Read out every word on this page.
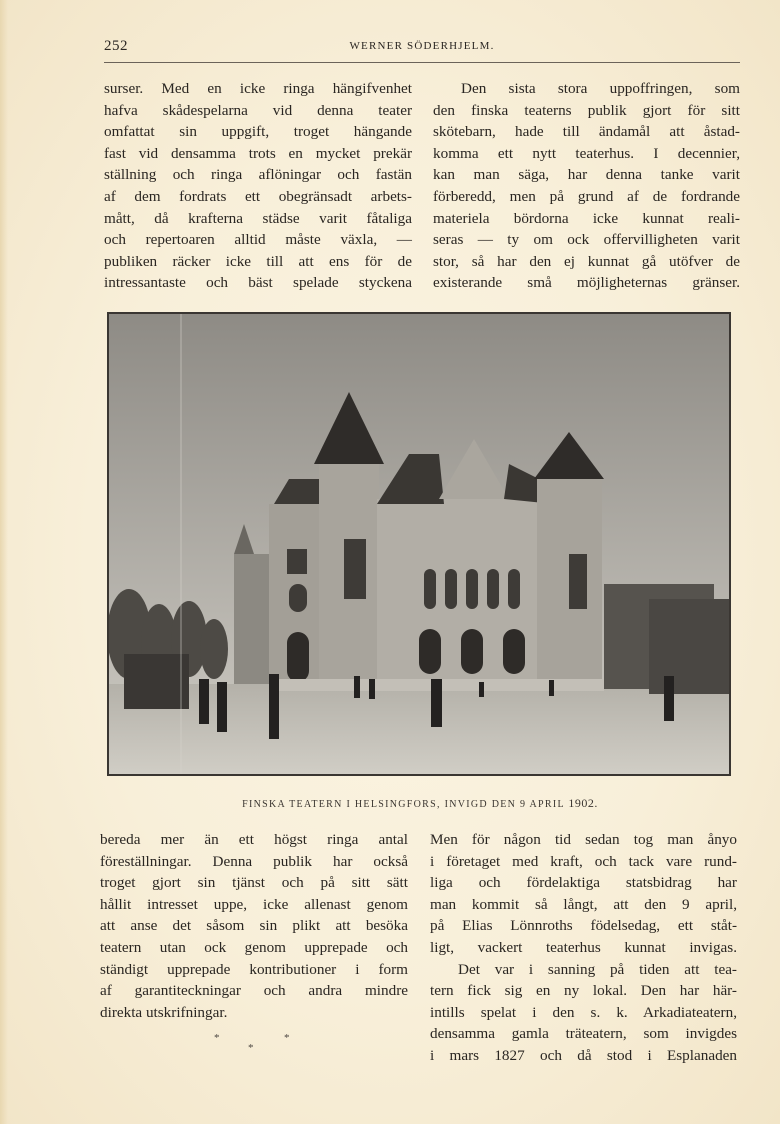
252	WERNER SÖDERHJELM.
surser. Med en icke ringa hängifvenhet
hafva skådespelarna vid denna teater
omfattat sin uppgift, troget hängande
fast vid densamma trots en mycket prekär
ställning och ringa aflöningar och fastän
af dem fordrats ett obegränsadt arbets-
mått, då krafterna städse varit fåtaliga
och repertoaren alltid måste växla, —
publiken räcker icke till att ens för de
intressantaste och bäst spelade styckena
Den sista stora uppoffringen, som
den finska teaterns publik gjort för sitt
skötebarn, hade till ändamål att åstad-
komma ett nytt teaterhus. I decennier,
kan man säga, har denna tanke varit
förberedd, men på grund af de fordrande
materiela bördorna icke kunnat reali-
seras — ty om ock offervilligheten varit
stor, så har den ej kunnat gå utöfver de
existerande små möjligheternas gränser.
FINSKA TEATERN I HELSINGFORS, INVIGD DEN 9 APRIL 1902.
bereda mer än ett högst ringa antal
föreställningar. Denna publik har också
troget gjort sin tjänst och på sitt sätt
hållit intresset uppe, icke allenast genom
att anse det såsom sin plikt att besöka
teatern utan ock genom upprepade och
ständigt upprepade kontributioner i form
af garantiteckningar och andra mindre
direkta utskrifningar.
*	*
*
Men för någon tid sedan tog man ånyo
i företaget med kraft, och tack vare rund-
liga och fördelaktiga statsbidrag har
man kommit så långt, att den 9 april,
på Elias Lönnroths födelsedag, ett ståt-
ligt, vackert teaterhus kunnat invigas.
Det var i sanning på tiden att tea-
tern fick sig en ny lokal. Den har här-
intills spelat i den s. k. Arkadiateatern,
densamma gamla träteatern, som invigdes
i mars 1827 och då stod i Esplanaden
